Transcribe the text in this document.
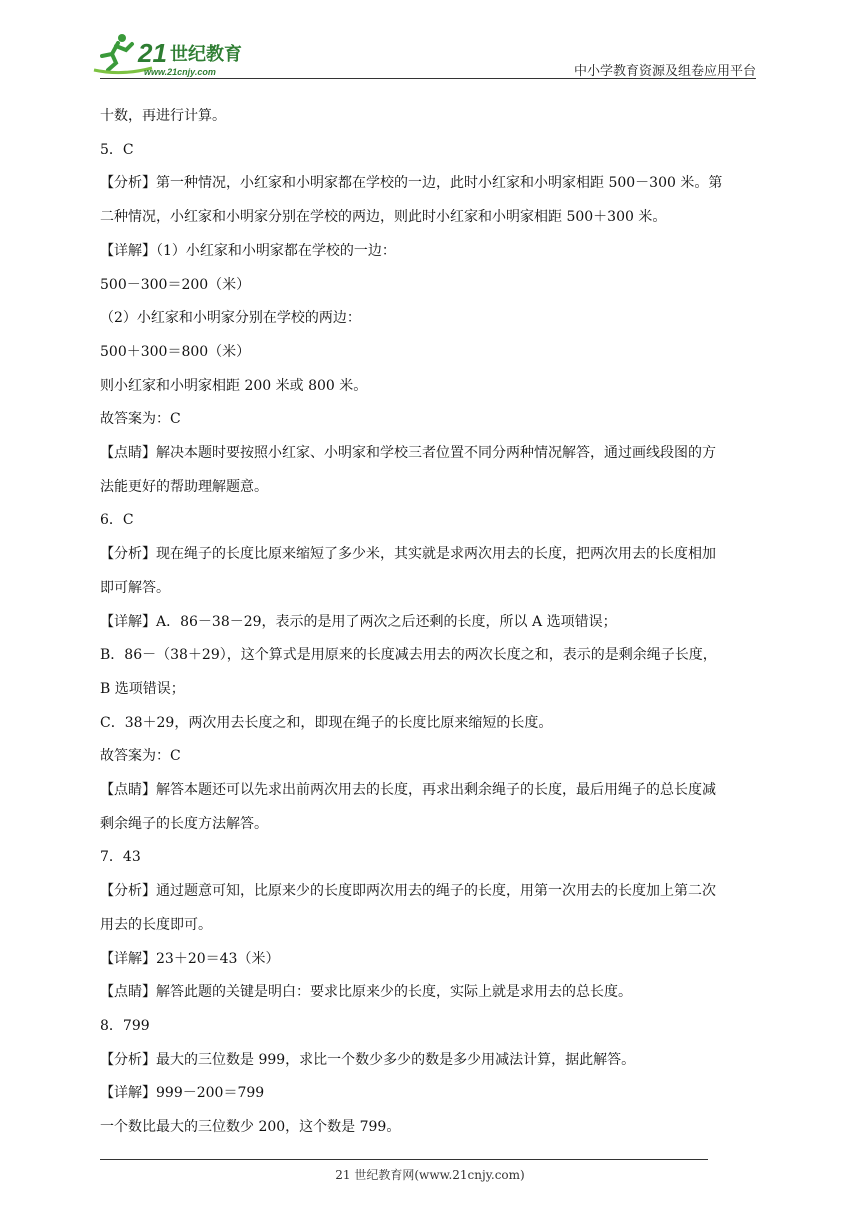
21 世纪教育
www.21cnjy.com	中小学教育资源及组卷应用平台
十数，再进行计算。
5．C
【分析】第一种情况，小红家和小明家都在学校的一边，此时小红家和小明家相距 500－300 米。第
二种情况，小红家和小明家分别在学校的两边，则此时小红家和小明家相距 500＋300 米。
【详解】（1）小红家和小明家都在学校的一边：
500－300＝200（米）
（2）小红家和小明家分别在学校的两边：
500＋300＝800（米）
则小红家和小明家相距 200 米或 800 米。
故答案为：C
【点睛】解决本题时要按照小红家、小明家和学校三者位置不同分两种情况解答，通过画线段图的方
法能更好的帮助理解题意。
6．C
【分析】现在绳子的长度比原来缩短了多少米，其实就是求两次用去的长度，把两次用去的长度相加
即可解答。
【详解】A．86－38－29，表示的是用了两次之后还剩的长度，所以 A 选项错误；
B．86－（38＋29），这个算式是用原来的长度减去用去的两次长度之和，表示的是剩余绳子长度，
B 选项错误；
C．38＋29，两次用去长度之和，即现在绳子的长度比原来缩短的长度。
故答案为：C
【点睛】解答本题还可以先求出前两次用去的长度，再求出剩余绳子的长度，最后用绳子的总长度减
剩余绳子的长度方法解答。
7．43
【分析】通过题意可知，比原来少的长度即两次用去的绳子的长度，用第一次用去的长度加上第二次
用去的长度即可。
【详解】23＋20＝43（米）
【点睛】解答此题的关键是明白：要求比原来少的长度，实际上就是求用去的总长度。
8．799
【分析】最大的三位数是 999，求比一个数少多少的数是多少用减法计算，据此解答。
【详解】999－200＝799
一个数比最大的三位数少 200，这个数是 799。
21 世纪教育网(www.21cnjy.com)
